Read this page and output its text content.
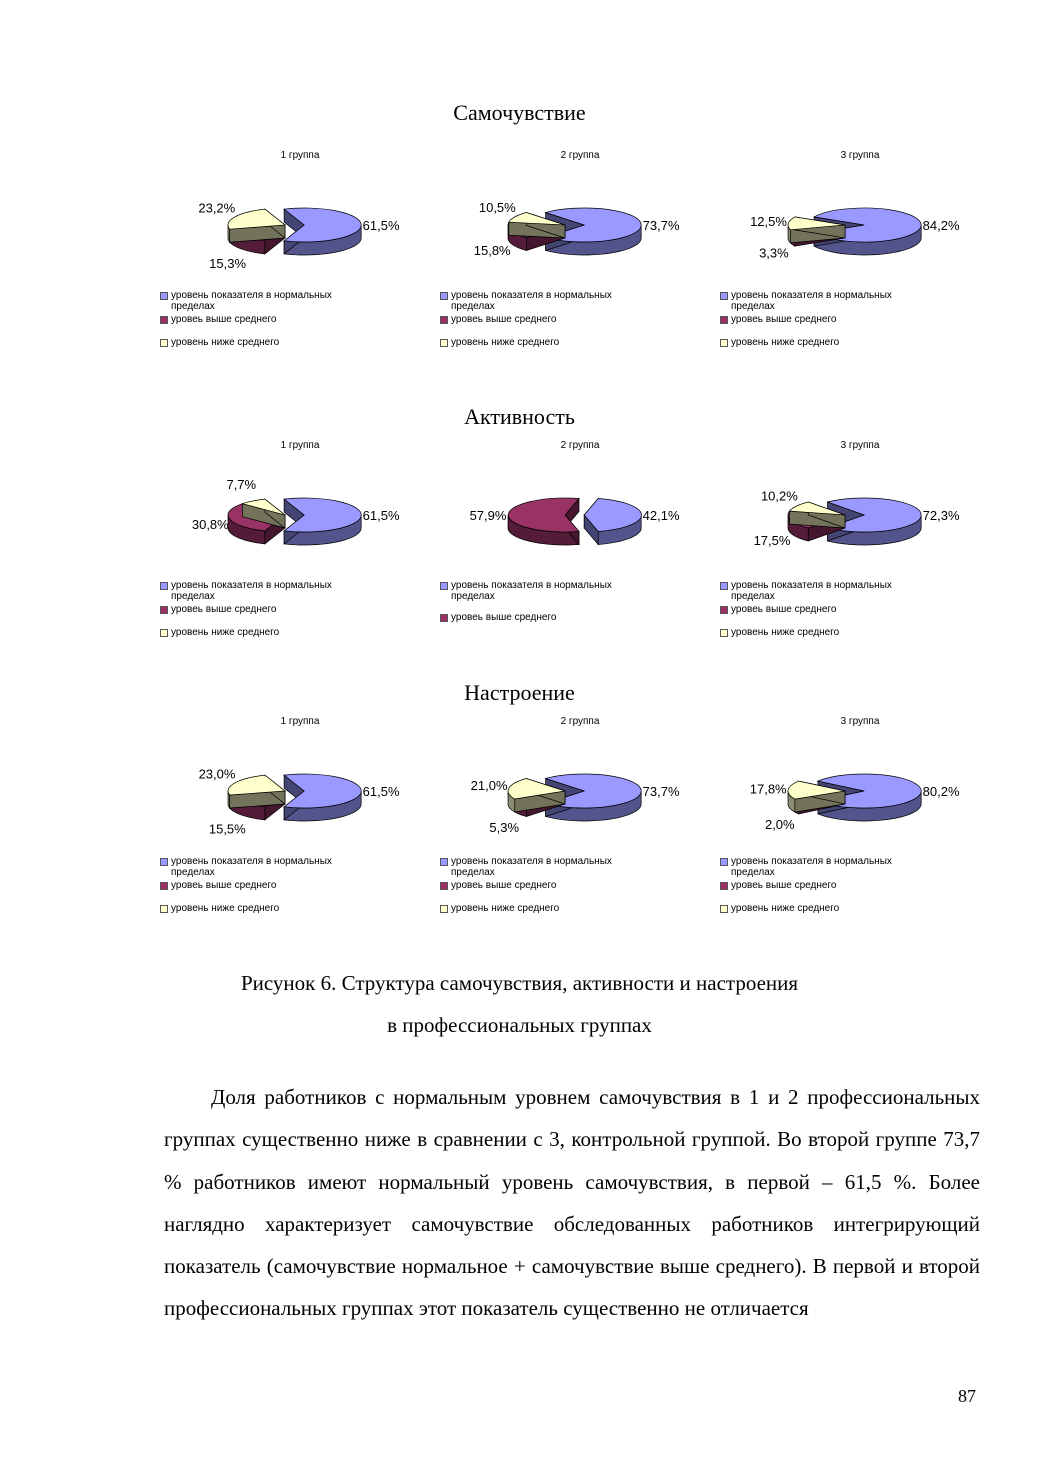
Самочувствие
Активность
Настроение
1 группа
61,5%
15,3%
23,2%
уровень показателя в нормальных пределах
уровеь выше среднего
уровень ниже среднего
2 группа
73,7%
15,8%
10,5%
уровень показателя в нормальных пределах
уровеь выше среднего
уровень ниже среднего
3 группа
84,2%
3,3%
12,5%
уровень показателя в нормальных пределах
уровеь выше среднего
уровень ниже среднего
1 группа
61,5%
30,8%
7,7%
уровень показателя в нормальных пределах
уровеь выше среднего
уровень ниже среднего
2 группа
42,1%
57,9%
уровень показателя в нормальных пределах
уровеь выше среднего
3 группа
72,3%
17,5%
10,2%
уровень показателя в нормальных пределах
уровеь выше среднего
уровень ниже среднего
1 группа
61,5%
15,5%
23,0%
уровень показателя в нормальных пределах
уровеь выше среднего
уровень ниже среднего
2 группа
73,7%
5,3%
21,0%
уровень показателя в нормальных пределах
уровеь выше среднего
уровень ниже среднего
3 группа
80,2%
2,0%
17,8%
уровень показателя в нормальных пределах
уровеь выше среднего
уровень ниже среднего
Рисунок 6. Структура самочувствия, активности и настроения
в профессиональных группах
Доля работников с нормальным уровнем самочувствия в 1 и 2 профессиональных группах существенно ниже в сравнении с 3, контрольной группой. Во второй группе 73,7 % работников имеют нормальный уровень самочувствия, в первой – 61,5 %. Более наглядно характеризует самочувствие обследованных работников интегрирующий показатель (самочувствие нормальное + самочувствие выше среднего). В первой и второй профессиональных группах этот показатель существенно не отличается
87
